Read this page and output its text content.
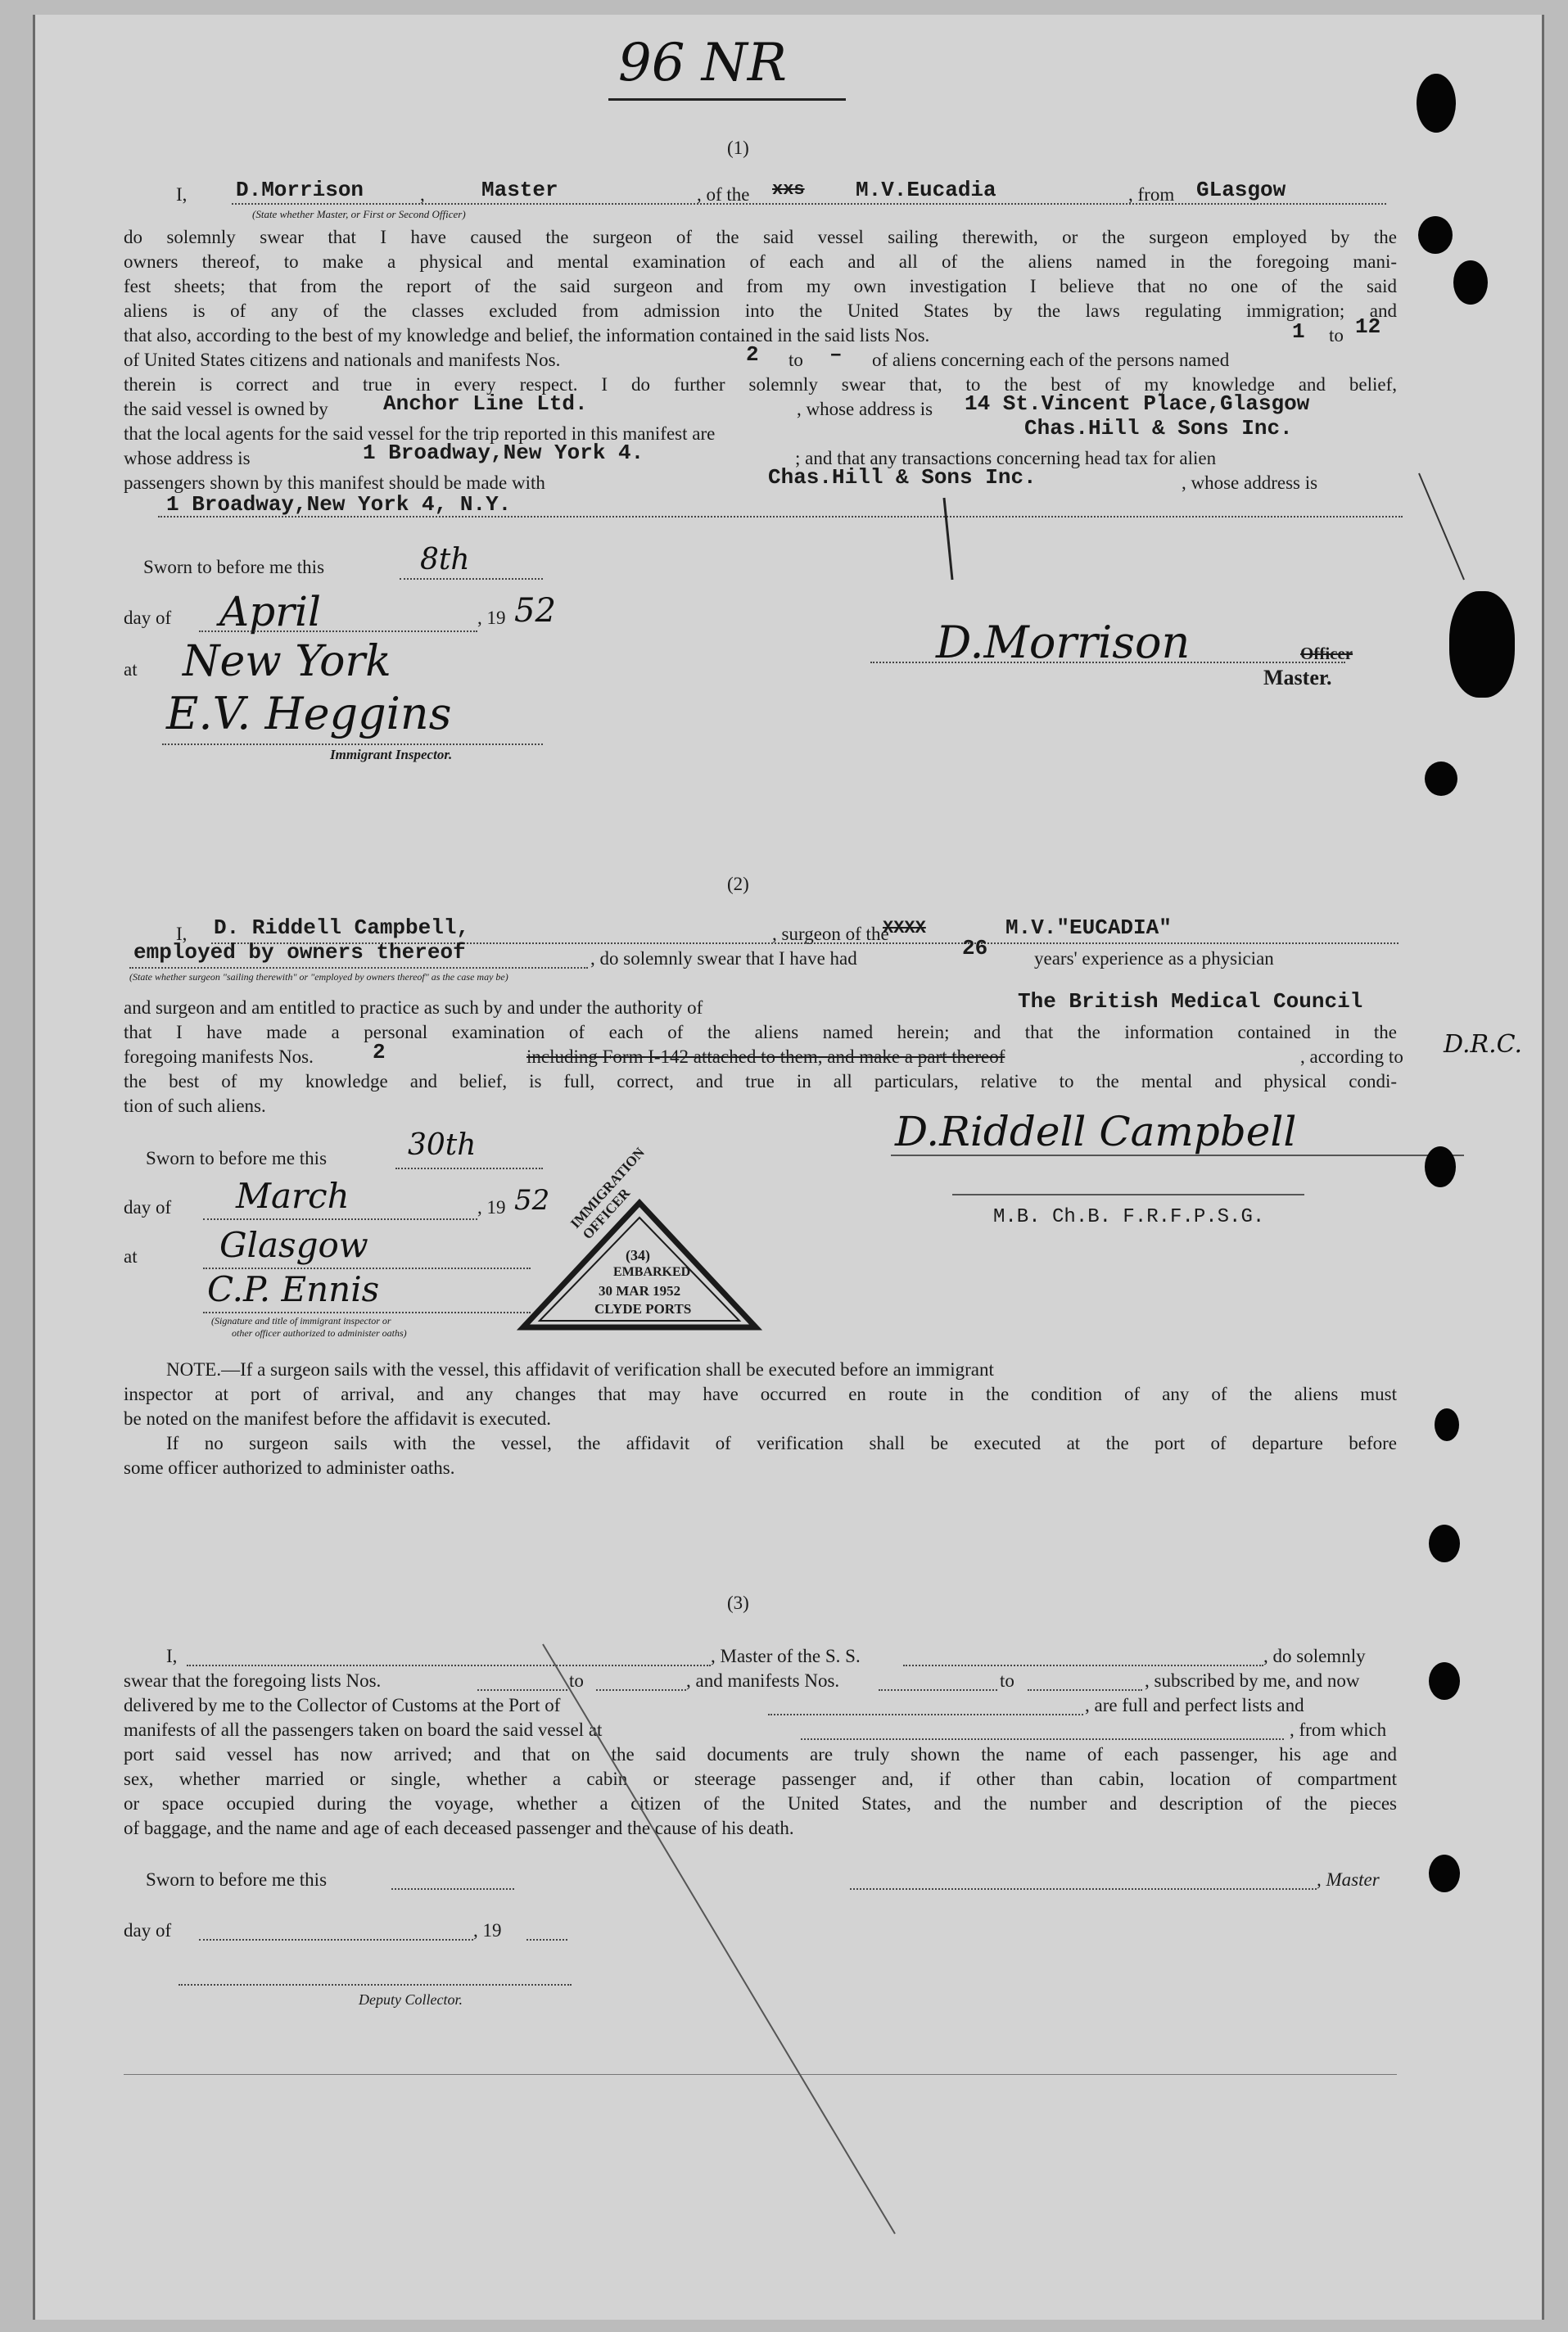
96 NR

(1)
I, D.Morrison	,	Master	, of the xxs M.V.Eucadia	, from GLasgow
(State whether Master, or First or Second Officer)
do solemnly swear that I have caused the surgeon of the said vessel sailing therewith, or the surgeon employed by the
owners thereof, to make a physical and mental examination of each and all of the aliens named in the foregoing mani-
fest sheets; that from the report of the said surgeon and from my own investigation I believe that no one of the said
aliens is of any of the classes excluded from admission into the United States by the laws regulating immigration; and
that also, according to the best of my knowledge and belief, the information contained in the said lists Nos.	1 to 12
of United States citizens and nationals and manifests Nos.	2 to – of aliens concerning each of the persons named
therein is correct and true in every respect. I do further solemnly swear that, to the best of my knowledge and belief,
the said vessel is owned by	Anchor Line Ltd.	, whose address is 14 St.Vincent Place,Glasgow
that the local agents for the said vessel for the trip reported in this manifest are	Chas.Hill & Sons Inc.
whose address is	1 Broadway,New York 4.	; and that any transactions concerning head tax for alien
passengers shown by this manifest should be made with	Chas.Hill & Sons Inc.	, whose address is
1 Broadway,New York 4, N.Y.
Sworn to before me this	8th
day of April	, 19 52
at New York
E.V. Heggins
Immigrant Inspector.
D.Morrison	Officer
Master.
(2)
I, D. Riddell Campbell,	, surgeon of the
XXXX	M.V."EUCADIA"
employed by owners thereof	, do solemnly swear that I have had	26 years' experience as a physician
(State whether surgeon "sailing therewith" or "employed by owners thereof" as the case may be)
and surgeon and am entitled to practice as such by and under the authority of	The British Medical Council
that I have made a personal examination of each of the aliens named herein; and that the information contained in the
foregoing manifests Nos.	2	including Form I-142 attached to them, and make a part thereof	, according to D.R.C.
the best of my knowledge and belief, is full, correct, and true in all particulars, relative to the mental and physical condi-
tion of such aliens.
Sworn to before me this	30th
day of March	, 19 52
at Glasgow
C.P. Ennis
(Signature and title of immigrant inspector or
other officer authorized to administer oaths)
D.Riddell Campbell
M.B. Ch.B. F.R.F.P.S.G.
IMMIGRATION OFFICER
(34)
EMBARKED
30 MAR 1952
CLYDE PORTS
NOTE.—If a surgeon sails with the vessel, this affidavit of verification shall be executed before an immigrant
inspector at port of arrival, and any changes that may have occurred en route in the condition of any of the aliens must
be noted on the manifest before the affidavit is executed.
If no surgeon sails with the vessel, the affidavit of verification shall be executed at the port of departure before
some officer authorized to administer oaths.
(3)
I,	, Master of the S. S.	, do solemnly
swear that the foregoing lists Nos.	to	, and manifests Nos.	to	, subscribed by me, and now
delivered by me to the Collector of Customs at the Port of	, are full and perfect lists and
manifests of all the passengers taken on board the said vessel at	, from which
port said vessel has now arrived; and that on the said documents are truly shown the name of each passenger, his age and
sex, whether married or single, whether a cabin or steerage passenger and, if other than cabin, location of compartment
or space occupied during the voyage, whether a citizen of the United States, and the number and description of the pieces
of baggage, and the name and age of each deceased passenger and the cause of his death.
Sworn to before me this	, Master
day of	, 19
Deputy Collector.
